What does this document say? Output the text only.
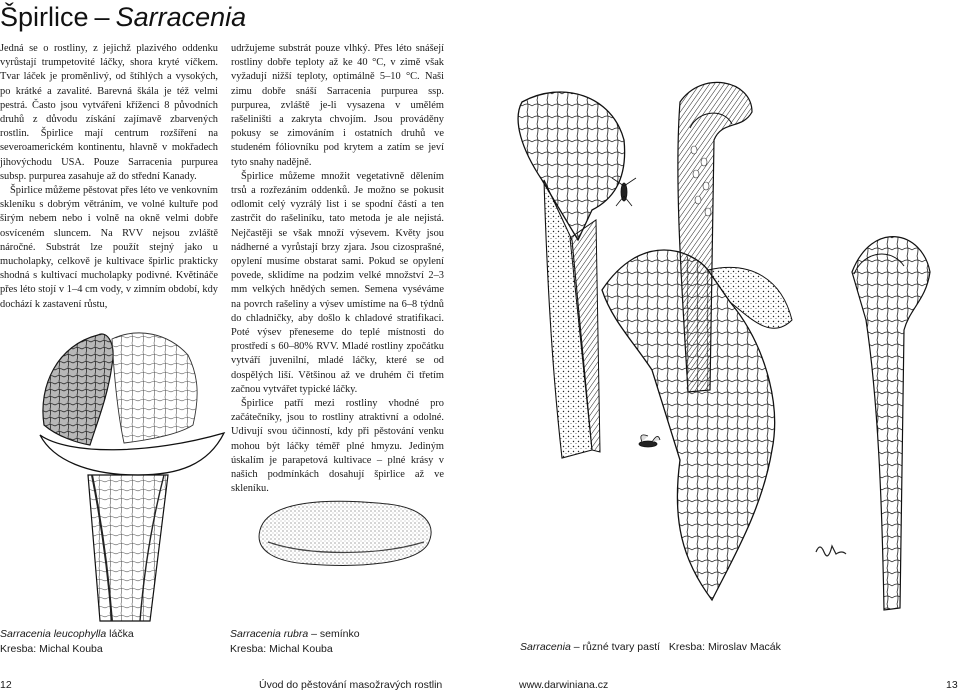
Špirlice – Sarracenia

Jedná se o rostliny, z jejichž plazivého oddenku vyrůstají trumpetovité láčky, shora kryté víčkem. Tvar láček je proměnlivý, od štíhlých a vysokých, po krátké a zavalité. Barevná škála je též velmi pestrá. Často jsou vytvářeni kříženci 8 původních druhů z důvodu získání zajímavě zbarvených rostlin. Špirlice mají centrum rozšíření na severoamerickém kontinentu, hlavně v mokřadech jihovýchodu USA. Pouze Sarracenia purpurea subsp. purpurea zasahuje až do střední Kanady.

Špirlice můžeme pěstovat přes léto ve venkovním skleníku s dobrým větráním, ve volné kultuře pod širým nebem nebo i volně na okně velmi dobře osvíceném sluncem. Na RVV nejsou zvláště náročné. Substrát lze použít stejný jako u mucholapky, celkově je kultivace špirlic prakticky shodná s kultivací mucholapky podivné. Květináče přes léto stojí v 1–4 cm vody, v zimním období, kdy dochází k zastavení růstu,

udržujeme substrát pouze vlhký. Přes léto snášejí rostliny dobře teploty až ke 40 °C, v zimě však vyžadují nižší teploty, optimálně 5–10 °C. Naši zimu dobře snáší Sarracenia purpurea ssp. purpurea, zvláště je-li vysazena v umělém rašeliništi a zakryta chvojím. Jsou prováděny pokusy se zimováním i ostatních druhů ve studeném fóliovníku pod krytem a zatím se jeví tyto snahy nadějně.

Špirlice můžeme množit vegetativně dělením trsů a rozřezáním oddenků. Je možno se pokusit odlomit celý vyzrálý list i se spodní částí a ten zastrčit do rašeliníku, tato metoda je ale nejistá. Nejčastěji se však množí výsevem. Květy jsou nádherné a vyrůstají brzy zjara. Jsou cizosprašné, opylení musíme obstarat sami. Pokud se opylení povede, sklidíme na podzim velké množství 2–3 mm velkých hnědých semen. Semena vyséváme na povrch rašeliny a výsev umístíme na 6–8 týdnů do chladničky, aby došlo k chladové stratifikaci. Poté výsev přeneseme do teplé místnosti do prostředí s 60–80% RVV. Mladé rostliny zpočátku vytváří juvenilní, mladé láčky, které se od dospělých liší. Většinou až ve druhém či třetím začnou vytvářet typické láčky.

Špirlice patří mezi rostliny vhodné pro začátečníky, jsou to rostliny atraktivní a odolné. Udivují svou účinností, kdy při pěstování venku mohou být láčky téměř plné hmyzu. Jediným úskalím je parapetová kultivace – plné krásy v našich podmínkách dosahují špirlice až ve skleníku.

Sarracenia leucophylla láčka
Kresba: Michal Kouba
Sarracenia rubra – semínko
Kresba: Michal Kouba	Sarracenia – různé tvary pastí Kresba: Miroslav Macák
12	Úvod do pěstování masožravých rostlin	www.darwiniana.cz	13
